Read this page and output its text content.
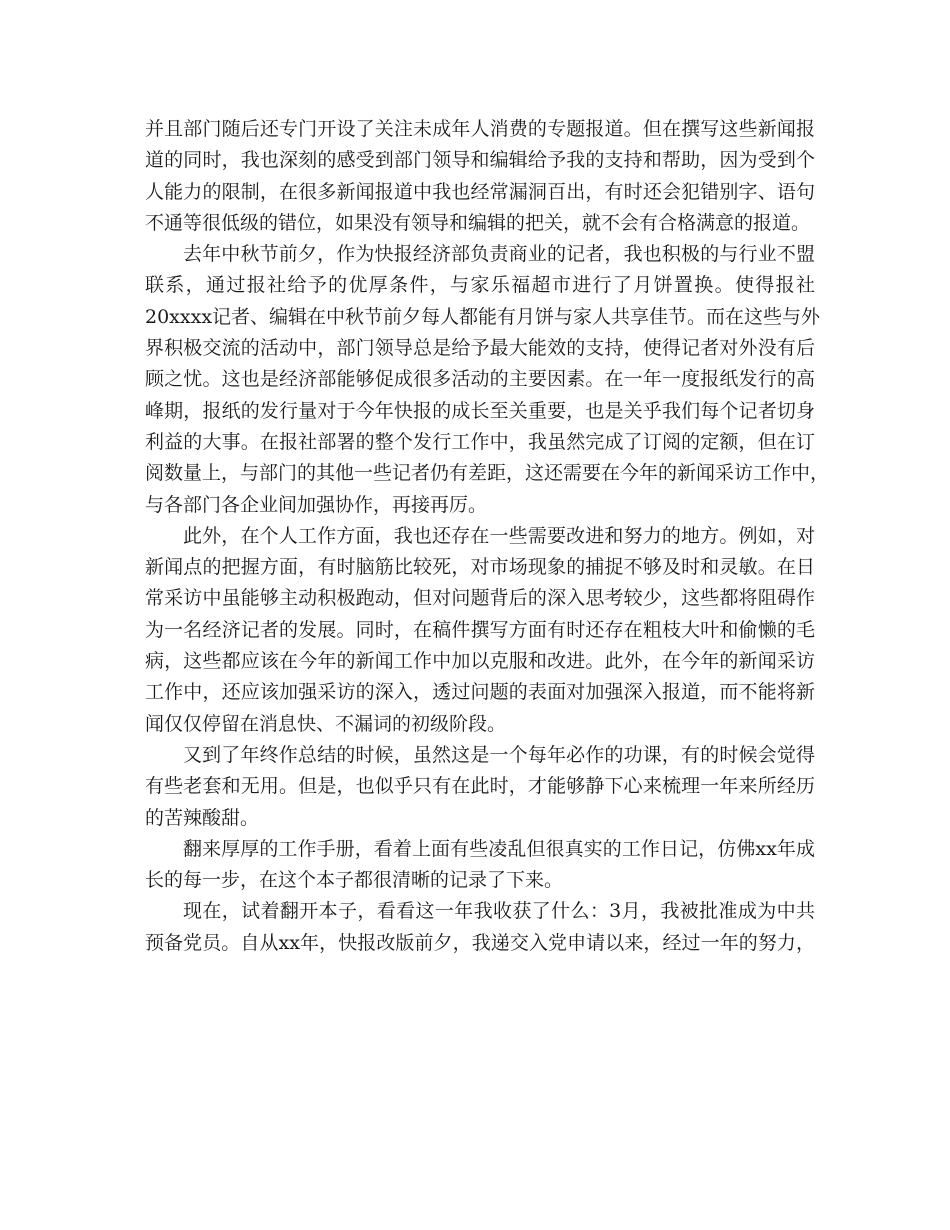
并且部门随后还专门开设了关注未成年人消费的专题报道。但在撰写这些新闻报
道的同时，我也深刻的感受到部门领导和编辑给予我的支持和帮助，因为受到个
人能力的限制，在很多新闻报道中我也经常漏洞百出，有时还会犯错别字、语句
不通等很低级的错位，如果没有领导和编辑的把关，就不会有合格满意的报道。
去年中秋节前夕，作为快报经济部负责商业的记者，我也积极的与行业不盟
联系，通过报社给予的优厚条件，与家乐福超市进行了月饼置换。使得报社
20xxxx记者、编辑在中秋节前夕每人都能有月饼与家人共享佳节。而在这些与外
界积极交流的活动中，部门领导总是给予最大能效的支持，使得记者对外没有后
顾之忧。这也是经济部能够促成很多活动的主要因素。在一年一度报纸发行的高
峰期，报纸的发行量对于今年快报的成长至关重要，也是关乎我们每个记者切身
利益的大事。在报社部署的整个发行工作中，我虽然完成了订阅的定额，但在订
阅数量上，与部门的其他一些记者仍有差距，这还需要在今年的新闻采访工作中，
与各部门各企业间加强协作，再接再厉。
此外，在个人工作方面，我也还存在一些需要改进和努力的地方。例如，对
新闻点的把握方面，有时脑筋比较死，对市场现象的捕捉不够及时和灵敏。在日
常采访中虽能够主动积极跑动，但对问题背后的深入思考较少，这些都将阻碍作
为一名经济记者的发展。同时，在稿件撰写方面有时还存在粗枝大叶和偷懒的毛
病，这些都应该在今年的新闻工作中加以克服和改进。此外，在今年的新闻采访
工作中，还应该加强采访的深入，透过问题的表面对加强深入报道，而不能将新
闻仅仅停留在消息快、不漏词的初级阶段。
又到了年终作总结的时候，虽然这是一个每年必作的功课，有的时候会觉得
有些老套和无用。但是，也似乎只有在此时，才能够静下心来梳理一年来所经历
的苦辣酸甜。
翻来厚厚的工作手册，看着上面有些凌乱但很真实的工作日记，仿佛xx年成
长的每一步，在这个本子都很清晰的记录了下来。
现在，试着翻开本子，看看这一年我收获了什么：3月，我被批准成为中共
预备党员。自从xx年，快报改版前夕，我递交入党申请以来，经过一年的努力，
